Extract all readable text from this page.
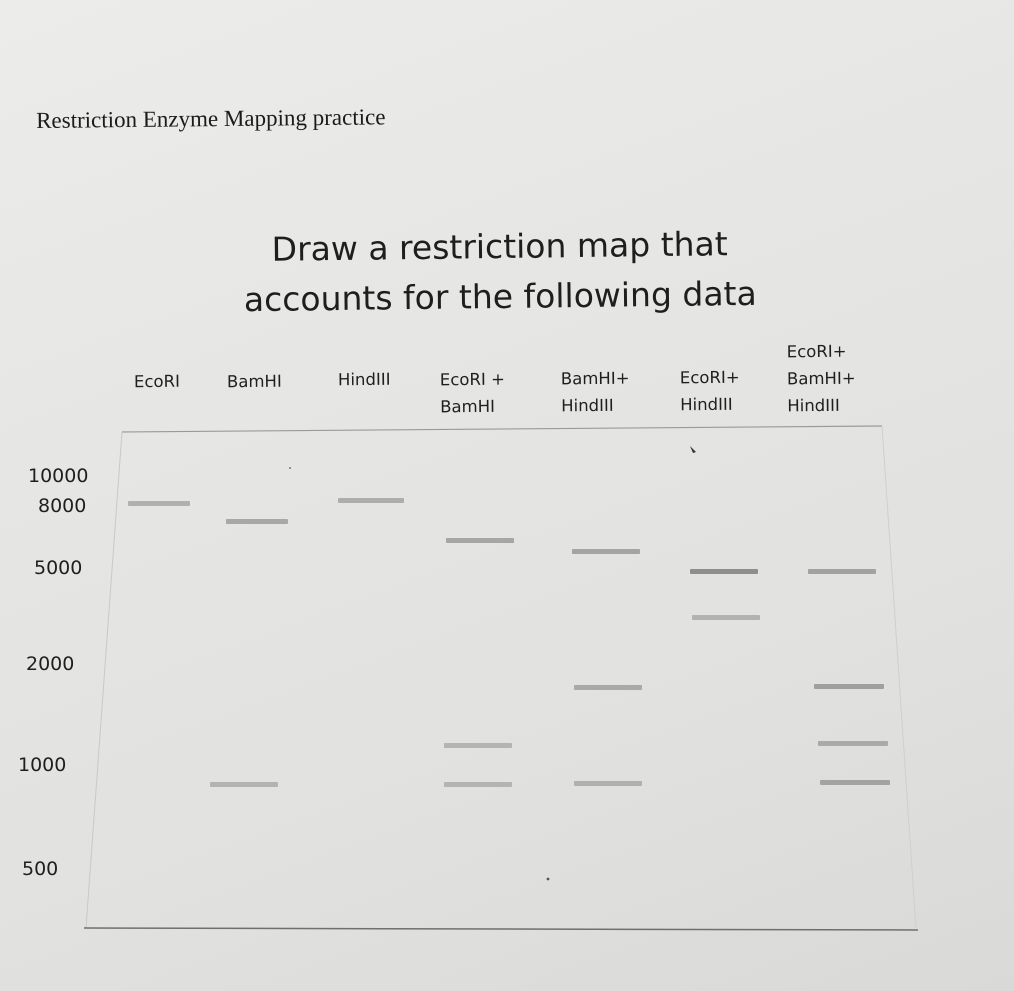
Restriction Enzyme Mapping practice
Draw a restriction map that
accounts for the following data
EcoRI	BamHI	HindIII	EcoRI +
BamHI
BamHI+
HindIII
EcoRI+
HindIII
EcoRI+
BamHI+
HindIII
10000
8000
5000
2000
1000
500
